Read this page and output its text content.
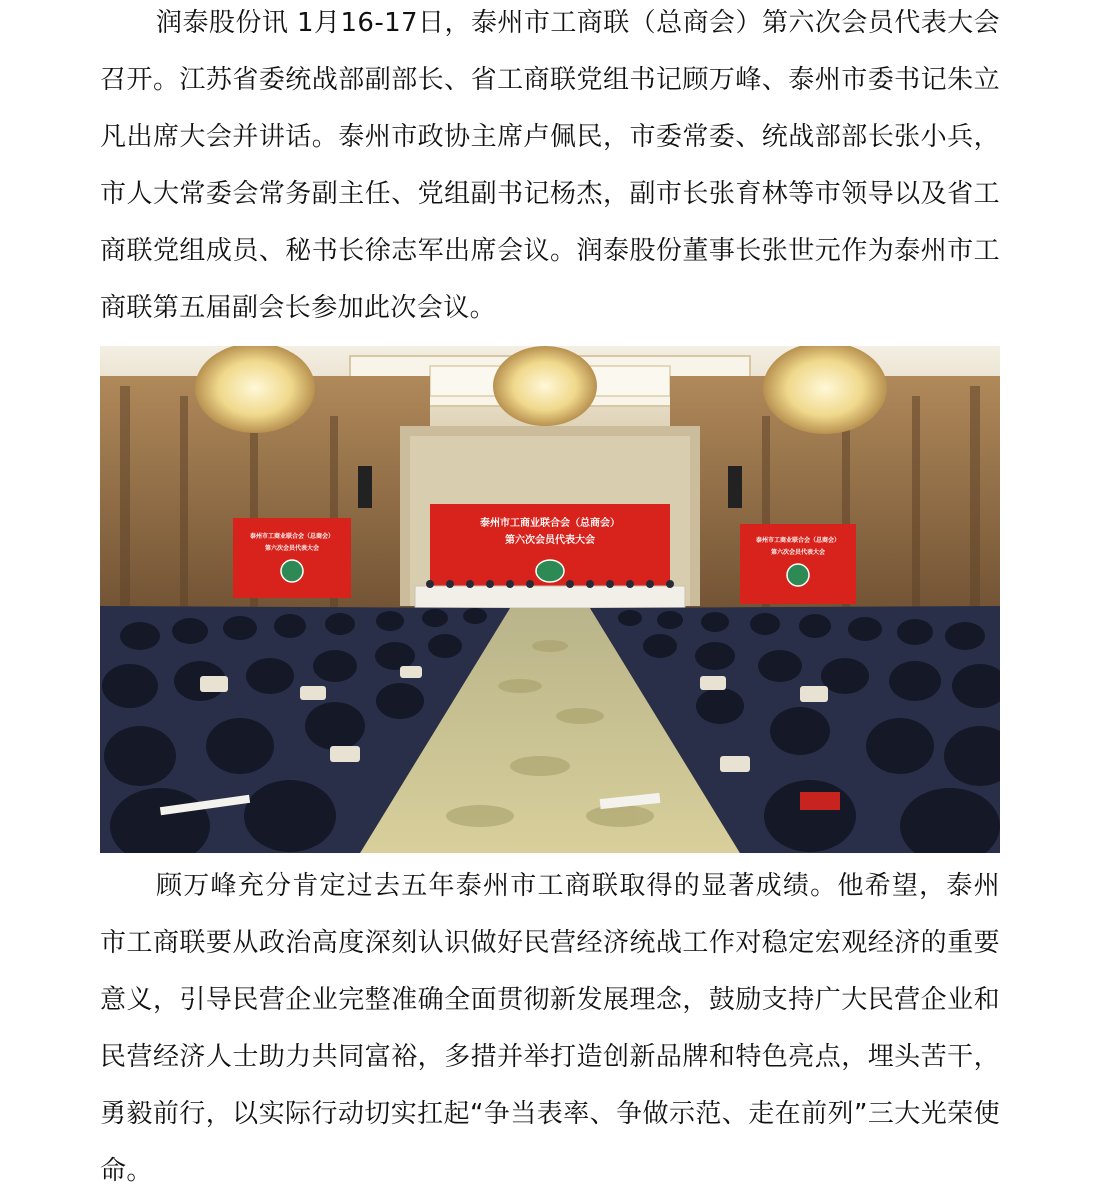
润泰股份讯 1月16-17日，泰州市工商联（总商会）第六次会员代表大会召开。江苏省委统战部副部长、省工商联党组书记顾万峰、泰州市委书记朱立凡出席大会并讲话。泰州市政协主席卢佩民，市委常委、统战部部长张小兵，市人大常委会常务副主任、党组副书记杨杰，副市长张育林等市领导以及省工商联党组成员、秘书长徐志军出席会议。润泰股份董事长张世元作为泰州市工商联第五届副会长参加此次会议。

泰州市工商业联合会（总商会）
第六次会员代表大会
泰州市工商业联合会（总商会）
第六次会员代表大会
泰州市工商业联合会（总商会）
第六次会员代表大会

顾万峰充分肯定过去五年泰州市工商联取得的显著成绩。他希望，泰州市工商联要从政治高度深刻认识做好民营经济统战工作对稳定宏观经济的重要意义，引导民营企业完整准确全面贯彻新发展理念，鼓励支持广大民营企业和民营经济人士助力共同富裕，多措并举打造创新品牌和特色亮点，埋头苦干，勇毅前行，以实际行动切实扛起“争当表率、争做示范、走在前列”三大光荣使命。
